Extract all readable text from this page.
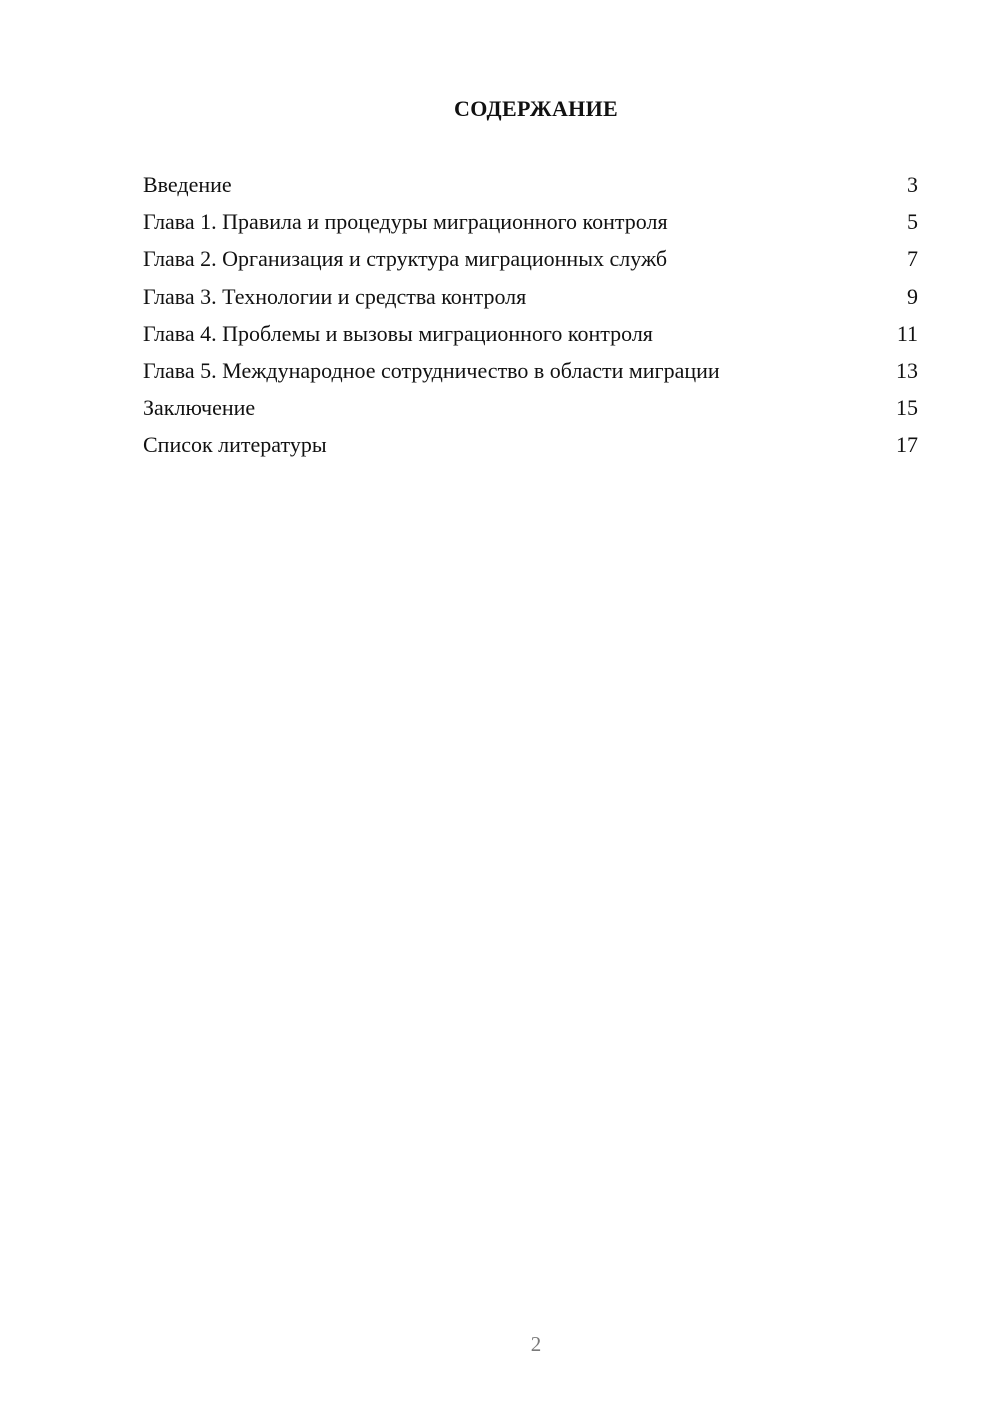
СОДЕРЖАНИЕ
Введение	3
Глава 1. Правила и процедуры миграционного контроля	5
Глава 2. Организация и структура миграционных служб	7
Глава 3. Технологии и средства контроля	9
Глава 4. Проблемы и вызовы миграционного контроля	11
Глава 5. Международное сотрудничество в области миграции	13
Заключение	15
Список литературы	17
2
